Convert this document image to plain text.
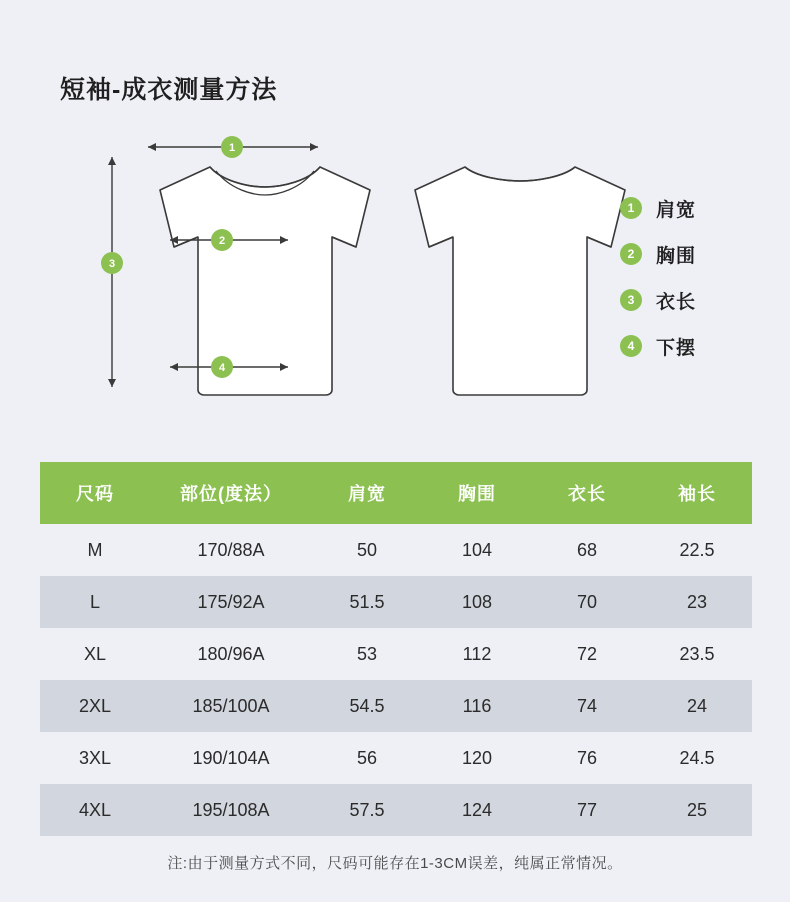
短袖-成衣测量方法
1
2
3
4
1	肩宽
2	胸围
3	衣长
4	下摆
尺码	部位(度法）	肩宽	胸围	衣长	袖长
M	170/88A	50	104	68	22.5
L	175/92A	51.5	108	70	23
XL	180/96A	53	112	72	23.5
2XL	185/100A	54.5	116	74	24
3XL	190/104A	56	120	76	24.5
4XL	195/108A	57.5	124	77	25
注:由于测量方式不同，尺码可能存在1-3CM误差，纯属正常情况。
